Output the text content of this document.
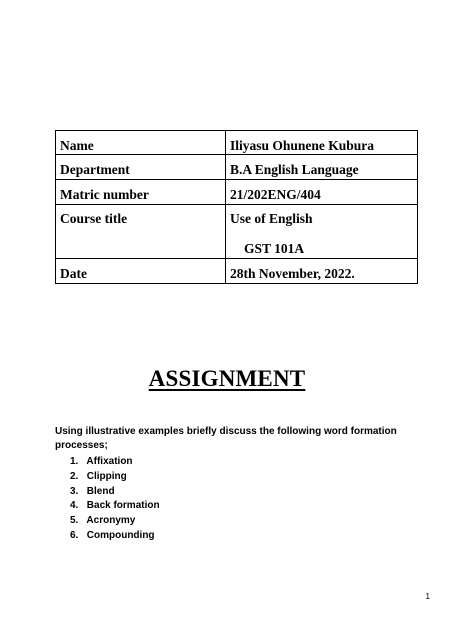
Name	Iliyasu Ohunene Kubura
Department	B.A English Language
Matric number	21/202ENG/404
Course title	Use of English
GST 101A

Date	28th November, 2022.
ASSIGNMENT
Using illustrative examples briefly discuss the following word formation processes;
1. Affixation
2. Clipping
3. Blend
4. Back formation
5. Acronymy
6. Compounding
1
